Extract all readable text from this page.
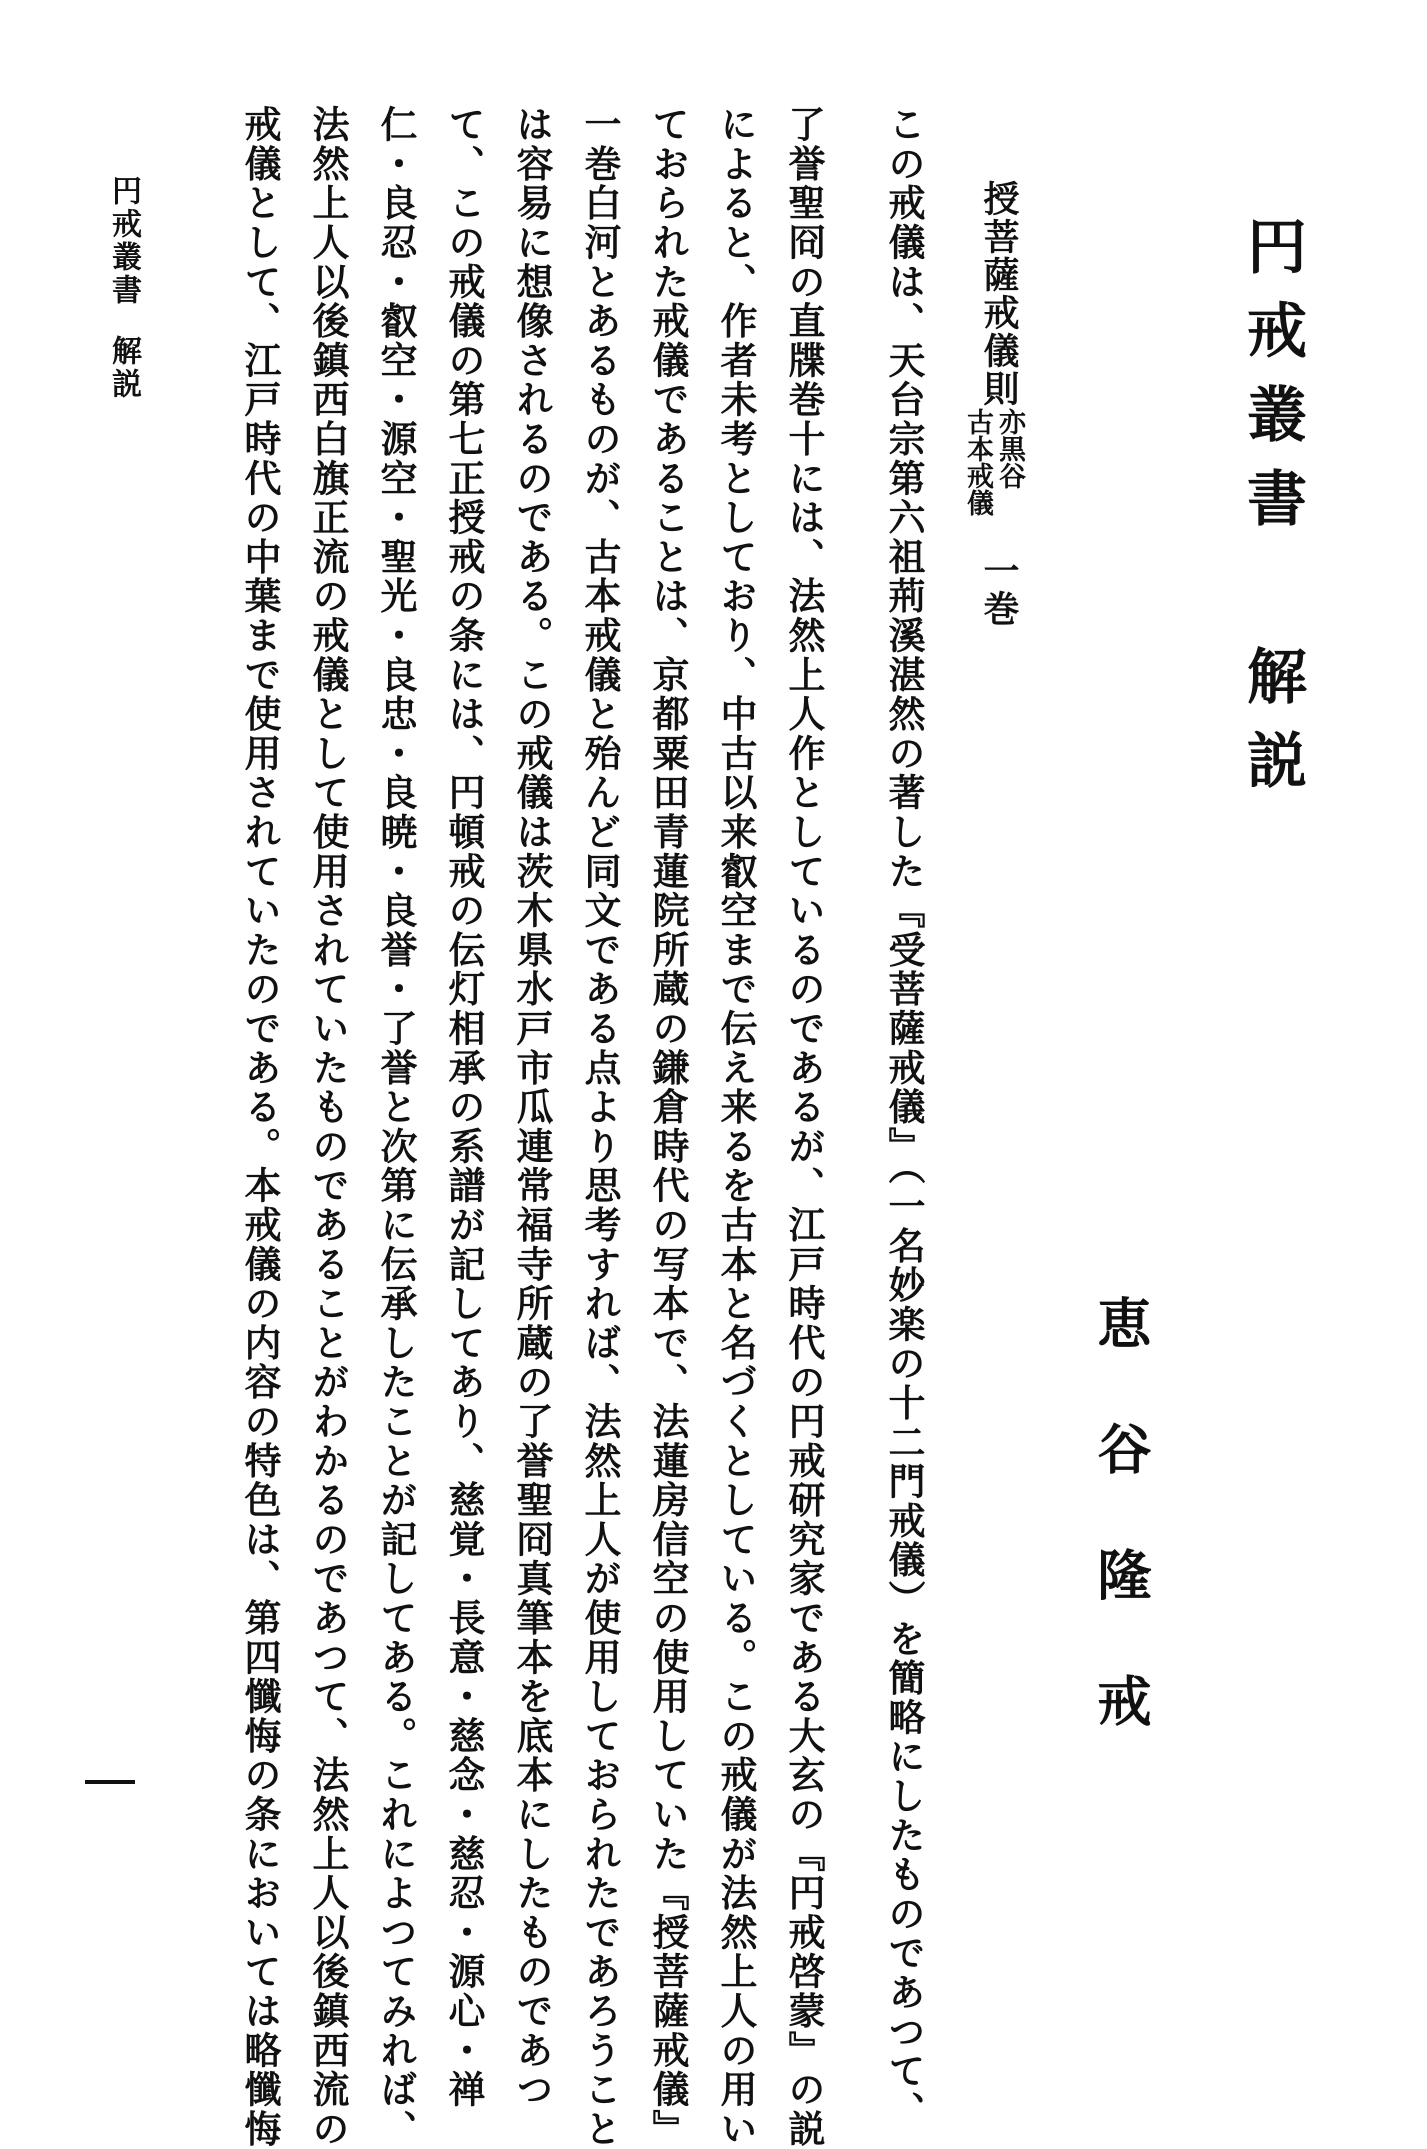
円戒叢書 解説
恵谷隆戒
授菩薩戒儀則
亦黒谷
古本戒儀
一巻
この戒儀は、天台宗第六祖荊溪湛然の著した『受菩薩戒儀』（一名妙楽の十二門戒儀）を簡略にしたものであつて、
了誉聖冏の直牒巻十には、法然上人作としているのであるが、江戸時代の円戒研究家である大玄の『円戒啓蒙』の説
によると、作者未考としており、中古以来叡空まで伝え来るを古本と名づくとしている。この戒儀が法然上人の用い
ておられた戒儀であることは、京都粟田青蓮院所蔵の鎌倉時代の写本で、法蓮房信空の使用していた『授菩薩戒儀』
一巻白河とあるものが、古本戒儀と殆んど同文である点より思考すれば、法然上人が使用しておられたであろうこと
は容易に想像されるのである。この戒儀は茨木県水戸市瓜連常福寺所蔵の了誉聖冏真筆本を底本にしたものであつ
て、この戒儀の第七正授戒の条には、円頓戒の伝灯相承の系譜が記してあり、慈覚・長意・慈念・慈忍・源心・禅
仁・良忍・叡空・源空・聖光・良忠・良暁・良誉・了誉と次第に伝承したことが記してある。これによつてみれば、
法然上人以後鎮西白旗正流の戒儀として使用されていたものであることがわかるのであつて、法然上人以後鎮西流の
戒儀として、江戸時代の中葉まで使用されていたのである。本戒儀の内容の特色は、第四懺悔の条においては略懺悔
円戒叢書解説
